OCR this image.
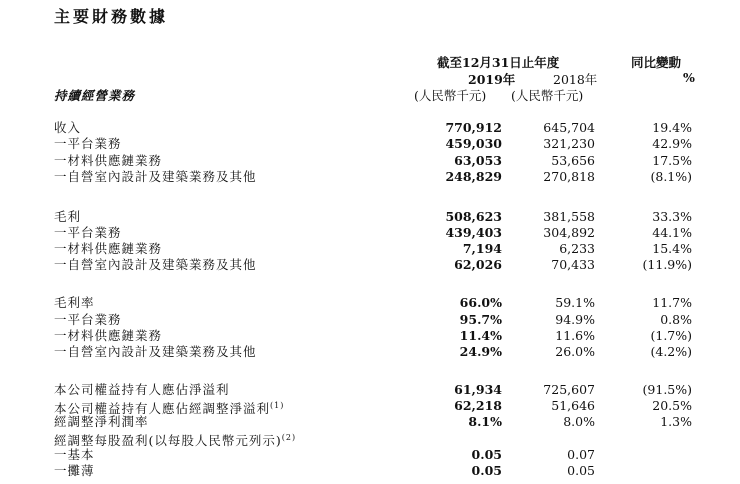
主要財務數據
截至12月31日止年度	同比變動
%
2019年	2018年
(人民幣千元) (人民幣千元)
持續經營業務
收入	770,912	645,704	19.4%
一平台業務	459,030	321,230	42.9%
一材料供應鏈業務	63,053	53,656	17.5%
一自營室內設計及建築業務及其他	248,829	270,818	(8.1%)
毛利	508,623	381,558	33.3%
一平台業務	439,403	304,892	44.1%
一材料供應鏈業務	7,194	6,233	15.4%
一自營室內設計及建築業務及其他	62,026	70,433	(11.9%)
毛利率	66.0%	59.1%	11.7%
一平台業務	95.7%	94.9%	0.8%
一材料供應鏈業務	11.4%	11.6%	(1.7%)
一自營室內設計及建築業務及其他	24.9%	26.0%	(4.2%)
本公司權益持有人應佔淨溢利	61,934	725,607	(91.5%)
本公司權益持有人應佔經調整淨溢利$^{(1)}$	62,218	51,646	20.5%
經調整淨利潤率	8.1%	8.0%	1.3%
經調整每股盈利(以每股人民幣元列示)$^{(2)}$
一基本	0.05	0.07
一攤薄	0.05	0.05
